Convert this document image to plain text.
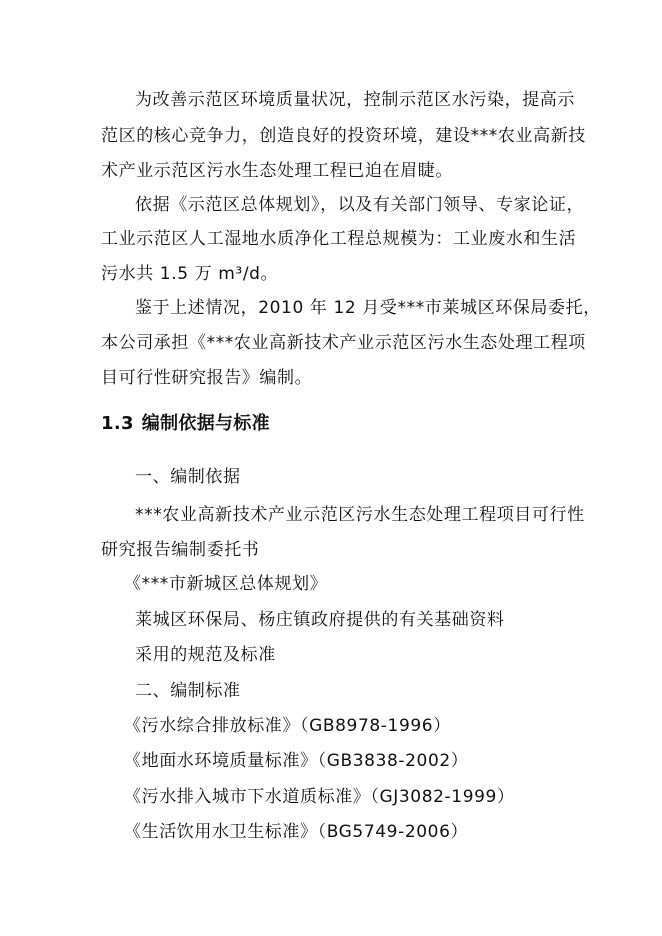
为改善示范区环境质量状况，控制示范区水污染，提高示
范区的核心竞争力，创造良好的投资环境，建设***农业高新技
术产业示范区污水生态处理工程已迫在眉睫。
依据《示范区总体规划》，以及有关部门领导、专家论证，
工业示范区人工湿地水质净化工程总规模为：工业废水和生活
污水共 1.5 万 m³/d。
鉴于上述情况，2010 年 12 月受***市莱城区环保局委托，
本公司承担《***农业高新技术产业示范区污水生态处理工程项
目可行性研究报告》编制。
1.3 编制依据与标准
一、编制依据
***农业高新技术产业示范区污水生态处理工程项目可行性
研究报告编制委托书
《***市新城区总体规划》
莱城区环保局、杨庄镇政府提供的有关基础资料
采用的规范及标准
二、编制标准
《污水综合排放标准》（GB8978-1996）
《地面水环境质量标准》（GB3838-2002）
《污水排入城市下水道质标准》（GJ3082-1999）
《生活饮用水卫生标准》（BG5749-2006）
